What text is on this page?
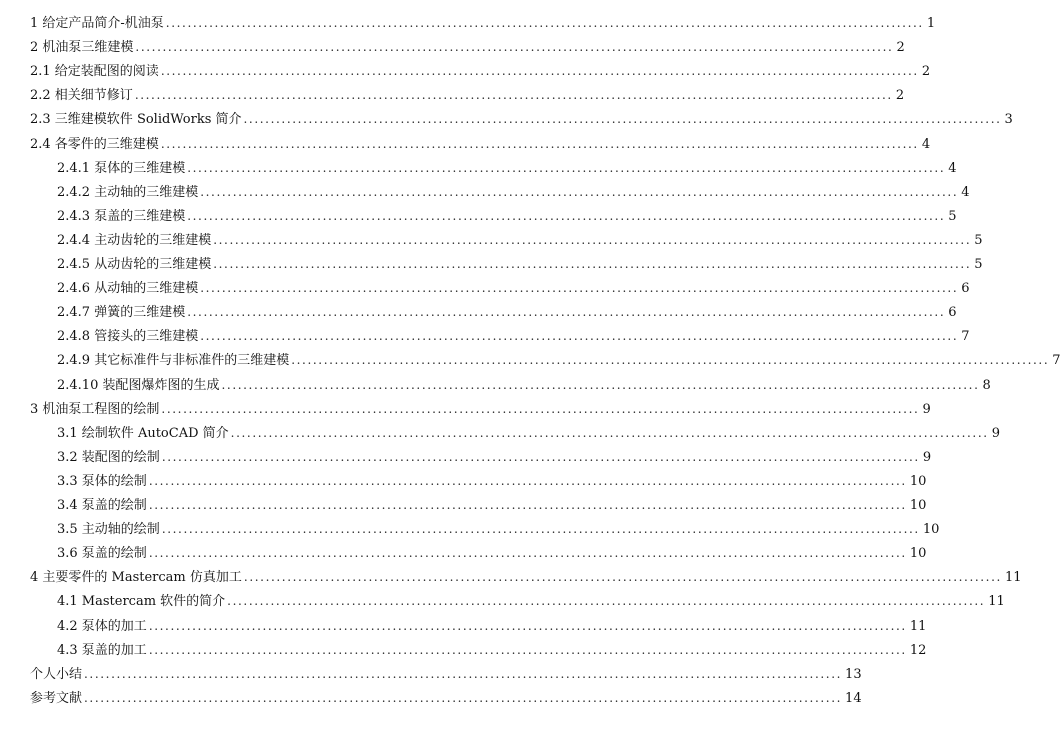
1 给定产品简介-机油泵 ............................................................................................................................................ 1
2 机油泵三维建模 ............................................................................................................................................ 2
2.1 给定装配图的阅读 ............................................................................................................................................ 2
2.2 相关细节修订 ............................................................................................................................................ 2
2.3 三维建模软件 SolidWorks 简介 ............................................................................................................................................ 3
2.4 各零件的三维建模 ............................................................................................................................................ 4
2.4.1 泵体的三维建模 ............................................................................................................................................ 4
2.4.2 主动轴的三维建模 ............................................................................................................................................ 4
2.4.3 泵盖的三维建模 ............................................................................................................................................ 5
2.4.4 主动齿轮的三维建模 ............................................................................................................................................ 5
2.4.5 从动齿轮的三维建模 ............................................................................................................................................ 5
2.4.6 从动轴的三维建模 ............................................................................................................................................ 6
2.4.7 弹簧的三维建模 ............................................................................................................................................ 6
2.4.8 管接头的三维建模 ............................................................................................................................................ 7
2.4.9 其它标准件与非标准件的三维建模 ............................................................................................................................................ 7
2.4.10 装配图爆炸图的生成 ............................................................................................................................................ 8
3 机油泵工程图的绘制 ............................................................................................................................................ 9
3.1 绘制软件 AutoCAD 简介 ............................................................................................................................................ 9
3.2 装配图的绘制 ............................................................................................................................................ 9
3.3 泵体的绘制 ............................................................................................................................................ 10
3.4 泵盖的绘制 ............................................................................................................................................ 10
3.5 主动轴的绘制 ............................................................................................................................................ 10
3.6 泵盖的绘制 ............................................................................................................................................ 10
4 主要零件的 Mastercam 仿真加工 ............................................................................................................................................ 11
4.1 Mastercam 软件的简介 ............................................................................................................................................ 11
4.2 泵体的加工 ............................................................................................................................................ 11
4.3 泵盖的加工 ............................................................................................................................................ 12
个人小结 ............................................................................................................................................ 13
参考文献 ............................................................................................................................................ 14
